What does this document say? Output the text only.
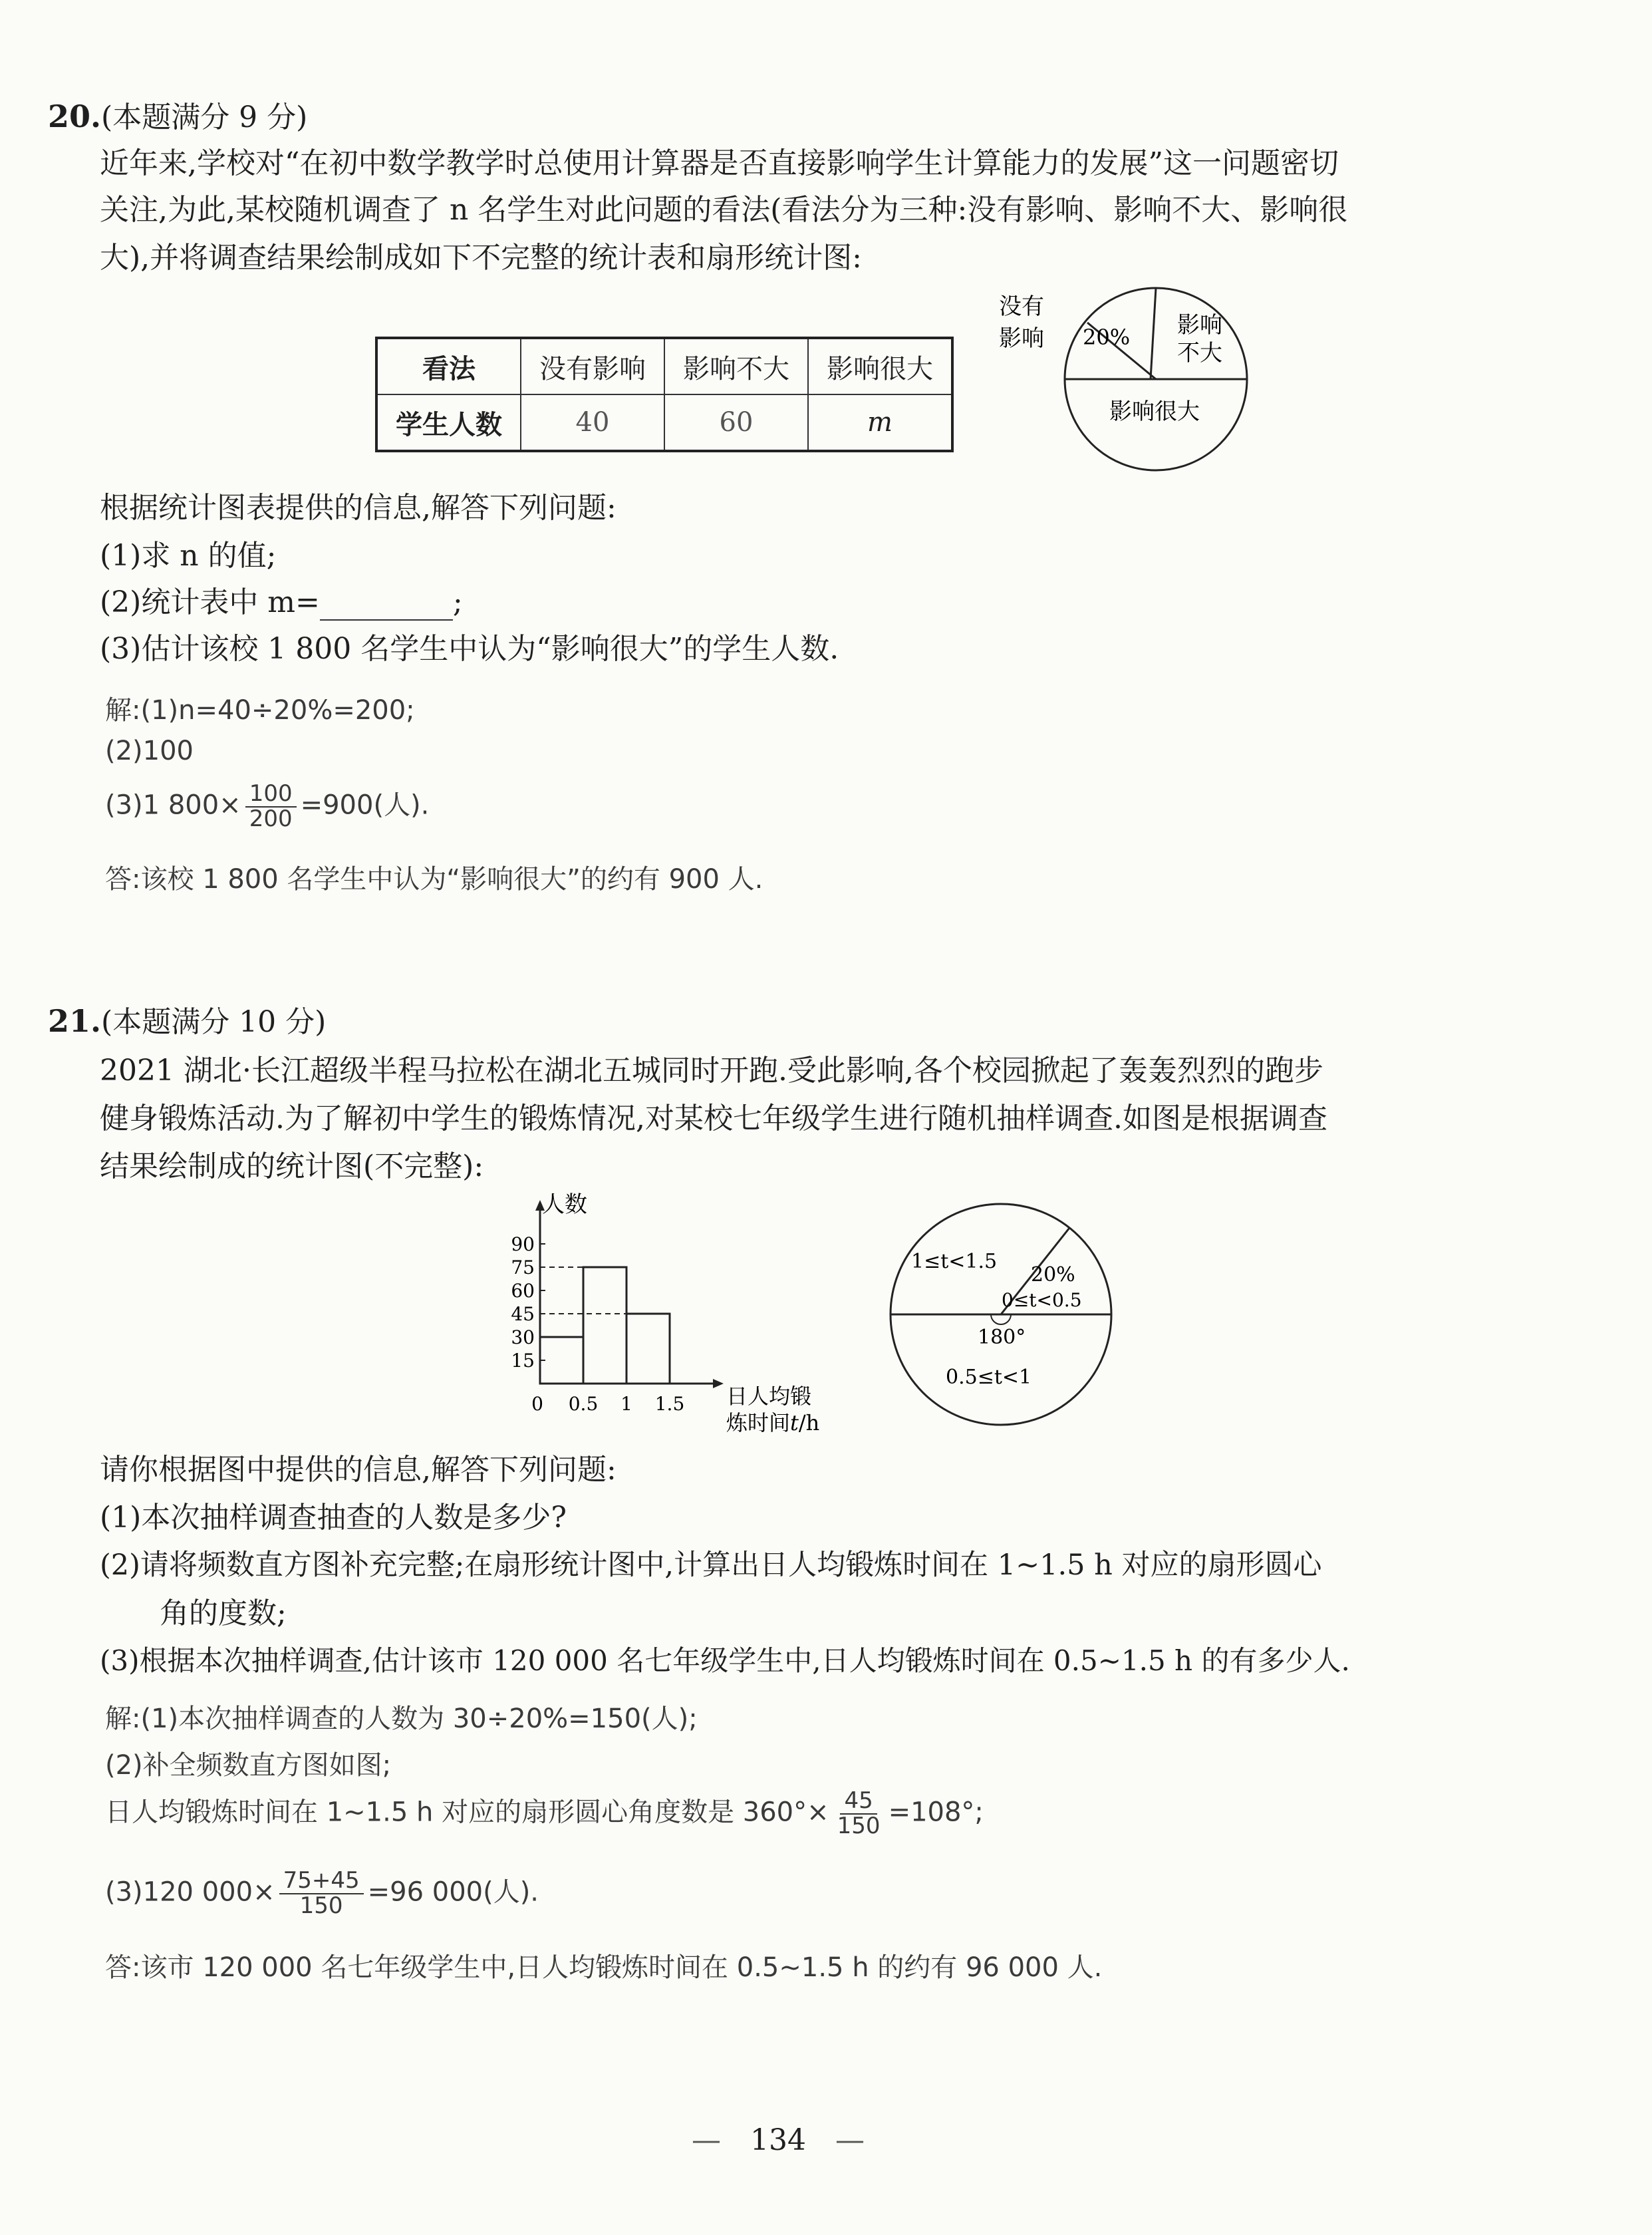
20.(本题满分 9 分)
近年来,学校对“在初中数学教学时总使用计算器是否直接影响学生计算能力的发展”这一问题密切
关注,为此,某校随机调查了 n 名学生对此问题的看法(看法分为三种:没有影响、影响不大、影响很
大),并将调查结果绘制成如下不完整的统计表和扇形统计图:
看法	没有影响	影响不大	影响很大
学生人数	40	60	m
没有
影响 20% 影响
不大
影响很大
根据统计图表提供的信息,解答下列问题:
(1)求 n 的值;
(2)统计表中 m=	;
(3)估计该校 1 800 名学生中认为“影响很大”的学生人数.
解:(1)n=40÷20%=200;
(2)100
(3)1 $800\times \frac{100}{200} =900$(人).
答:该校 1 800 名学生中认为“影响很大”的约有 900 人.
21.(本题满分 10 分)
2021 湖北·长江超级半程马拉松在湖北五城同时开跑.受此影响,各个校园掀起了轰轰烈烈的跑步
健身锻炼活动.为了解初中学生的锻炼情况,对某校七年级学生进行随机抽样调查.如图是根据调查
结果绘制成的统计图(不完整):
人数
日人均锻
炼时间t/h
15
30
45
60
75
90
0 0.5 1 1.5
1≤t<1.5
20%
0≤t<0.5
180°
0.5≤t<1
请你根据图中提供的信息,解答下列问题:
(1)本次抽样调查抽查的人数是多少?
(2)请将频数直方图补充完整;在扇形统计图中,计算出日人均锻炼时间在 1~1.5 h 对应的扇形圆心
角的度数;
(3)根据本次抽样调查,估计该市 120 000 名七年级学生中,日人均锻炼时间在 0.5~1.5 h 的有多少人.
解:(1)本次抽样调查的人数为 30÷20%=150(人);
(2)补全频数直方图如图;
日人均锻炼时间在 1~1.5 h 对应的扇形圆心角度数是 $360^\circ\times \frac{45}{150} =108^\circ$;
(3)120 $000\times \frac{75+45}{150} =96$ 000(人).
答:该市 120 000 名七年级学生中,日人均锻炼时间在 0.5~1.5 h 的约有 96 000 人.
— 134 —
